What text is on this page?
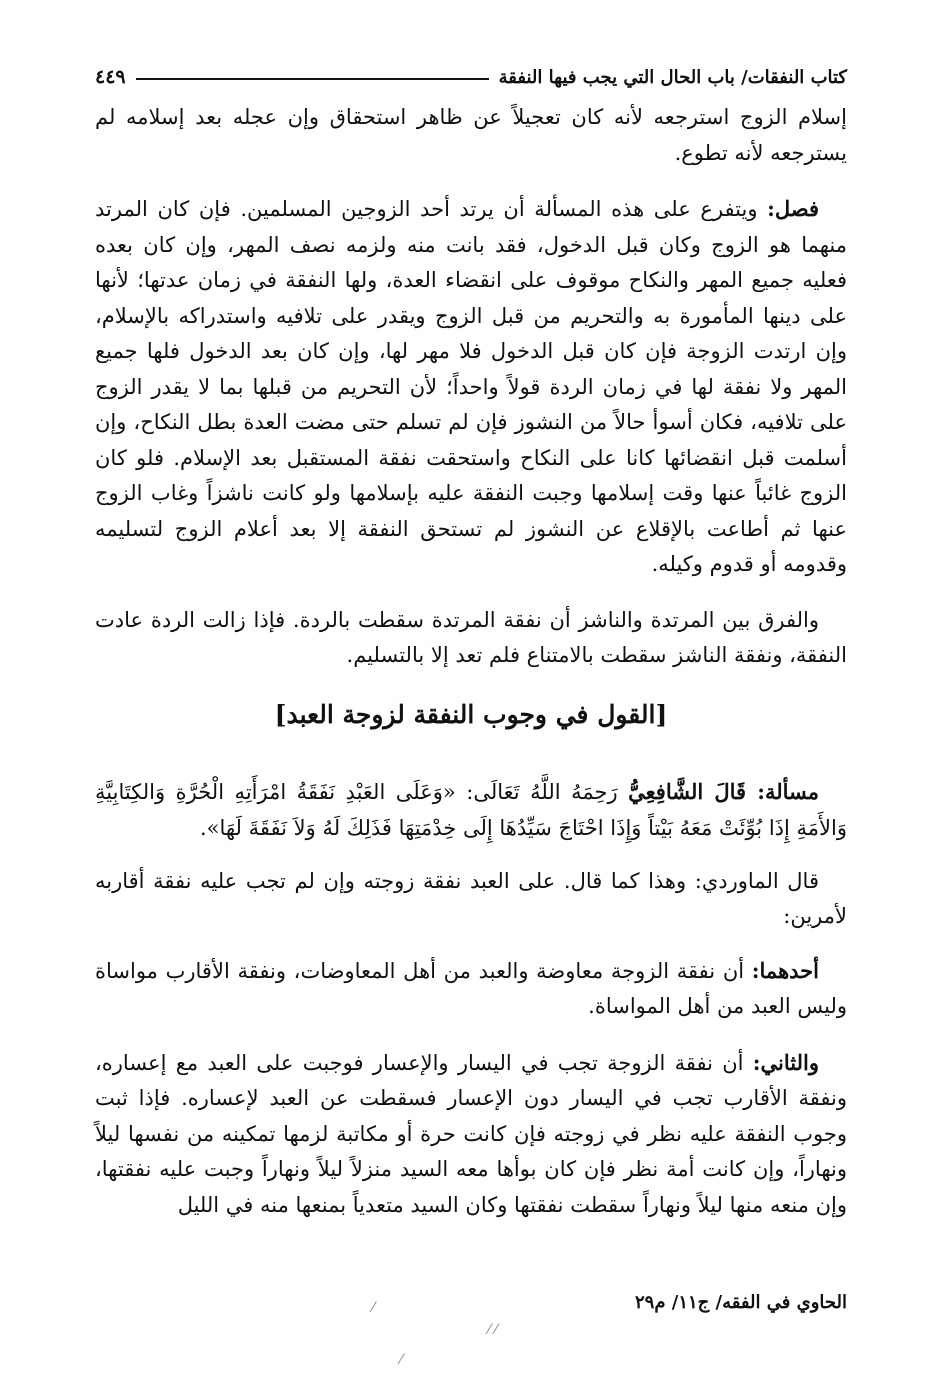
كتاب النفقات/ باب الحال التي يجب فيها النفقة
٤٤٩

إسلام الزوج استرجعه لأنه كان تعجيلاً عن ظاهر استحقاق وإن عجله بعد إسلامه لم يسترجعه لأنه تطوع.

فصل: ويتفرع على هذه المسألة أن يرتد أحد الزوجين المسلمين. فإن كان المرتد منهما هو الزوج وكان قبل الدخول، فقد بانت منه ولزمه نصف المهر، وإن كان بعده فعليه جميع المهر والنكاح موقوف على انقضاء العدة، ولها النفقة في زمان عدتها؛ لأنها على دينها المأمورة به والتحريم من قبل الزوج ويقدر على تلافيه واستدراكه بالإسلام، وإن ارتدت الزوجة فإن كان قبل الدخول فلا مهر لها، وإن كان بعد الدخول فلها جميع المهر ولا نفقة لها في زمان الردة قولاً واحداً؛ لأن التحريم من قبلها بما لا يقدر الزوج على تلافيه، فكان أسوأ حالاً من النشوز فإن لم تسلم حتى مضت العدة بطل النكاح، وإن أسلمت قبل انقضائها كانا على النكاح واستحقت نفقة المستقبل بعد الإسلام. فلو كان الزوج غائباً عنها وقت إسلامها وجبت النفقة عليه بإسلامها ولو كانت ناشزاً وغاب الزوج عنها ثم أطاعت بالإقلاع عن النشوز لم تستحق النفقة إلا بعد أعلام الزوج لتسليمه وقدومه أو قدوم وكيله.

والفرق بين المرتدة والناشز أن نفقة المرتدة سقطت بالردة. فإذا زالت الردة عادت النفقة، ونفقة الناشز سقطت بالامتناع فلم تعد إلا بالتسليم.

[القول في وجوب النفقة لزوجة العبد]

مسألة: قَالَ الشَّافِعِيُّ رَحِمَهُ اللَّهُ تَعَالَى: «وَعَلَى العَبْدِ نَفَقَةُ امْرَأَتِهِ الْحُرَّةِ وَالكِتَابِيَّةِ وَالأَمَةِ إِذَا بُوِّئَتْ مَعَهُ بَيْتاً وَإِذَا احْتَاجَ سَيِّدُهَا إِلَى خِدْمَتِهَا فَذَلِكَ لَهُ وَلاَ نَفَقَةَ لَهَا».

قال الماوردي: وهذا كما قال. على العبد نفقة زوجته وإن لم تجب عليه نفقة أقاربه لأمرين:

أحدهما: أن نفقة الزوجة معاوضة والعبد من أهل المعاوضات، ونفقة الأقارب مواساة وليس العبد من أهل المواساة.

والثاني: أن نفقة الزوجة تجب في اليسار والإعسار فوجبت على العبد مع إعساره، ونفقة الأقارب تجب في اليسار دون الإعسار فسقطت عن العبد لإعساره. فإذا ثبت وجوب النفقة عليه نظر في زوجته فإن كانت حرة أو مكاتبة لزمها تمكينه من نفسها ليلاً ونهاراً، وإن كانت أمة نظر فإن كان بوأها معه السيد منزلاً ليلاً ونهاراً وجبت عليه نفقتها، وإن منعه منها ليلاً ونهاراً سقطت نفقتها وكان السيد متعدياً بمنعها منه في الليل

الحاوي في الفقه/ ج١١/ م٢٩
⁄
⁄ ⁄
⁄
